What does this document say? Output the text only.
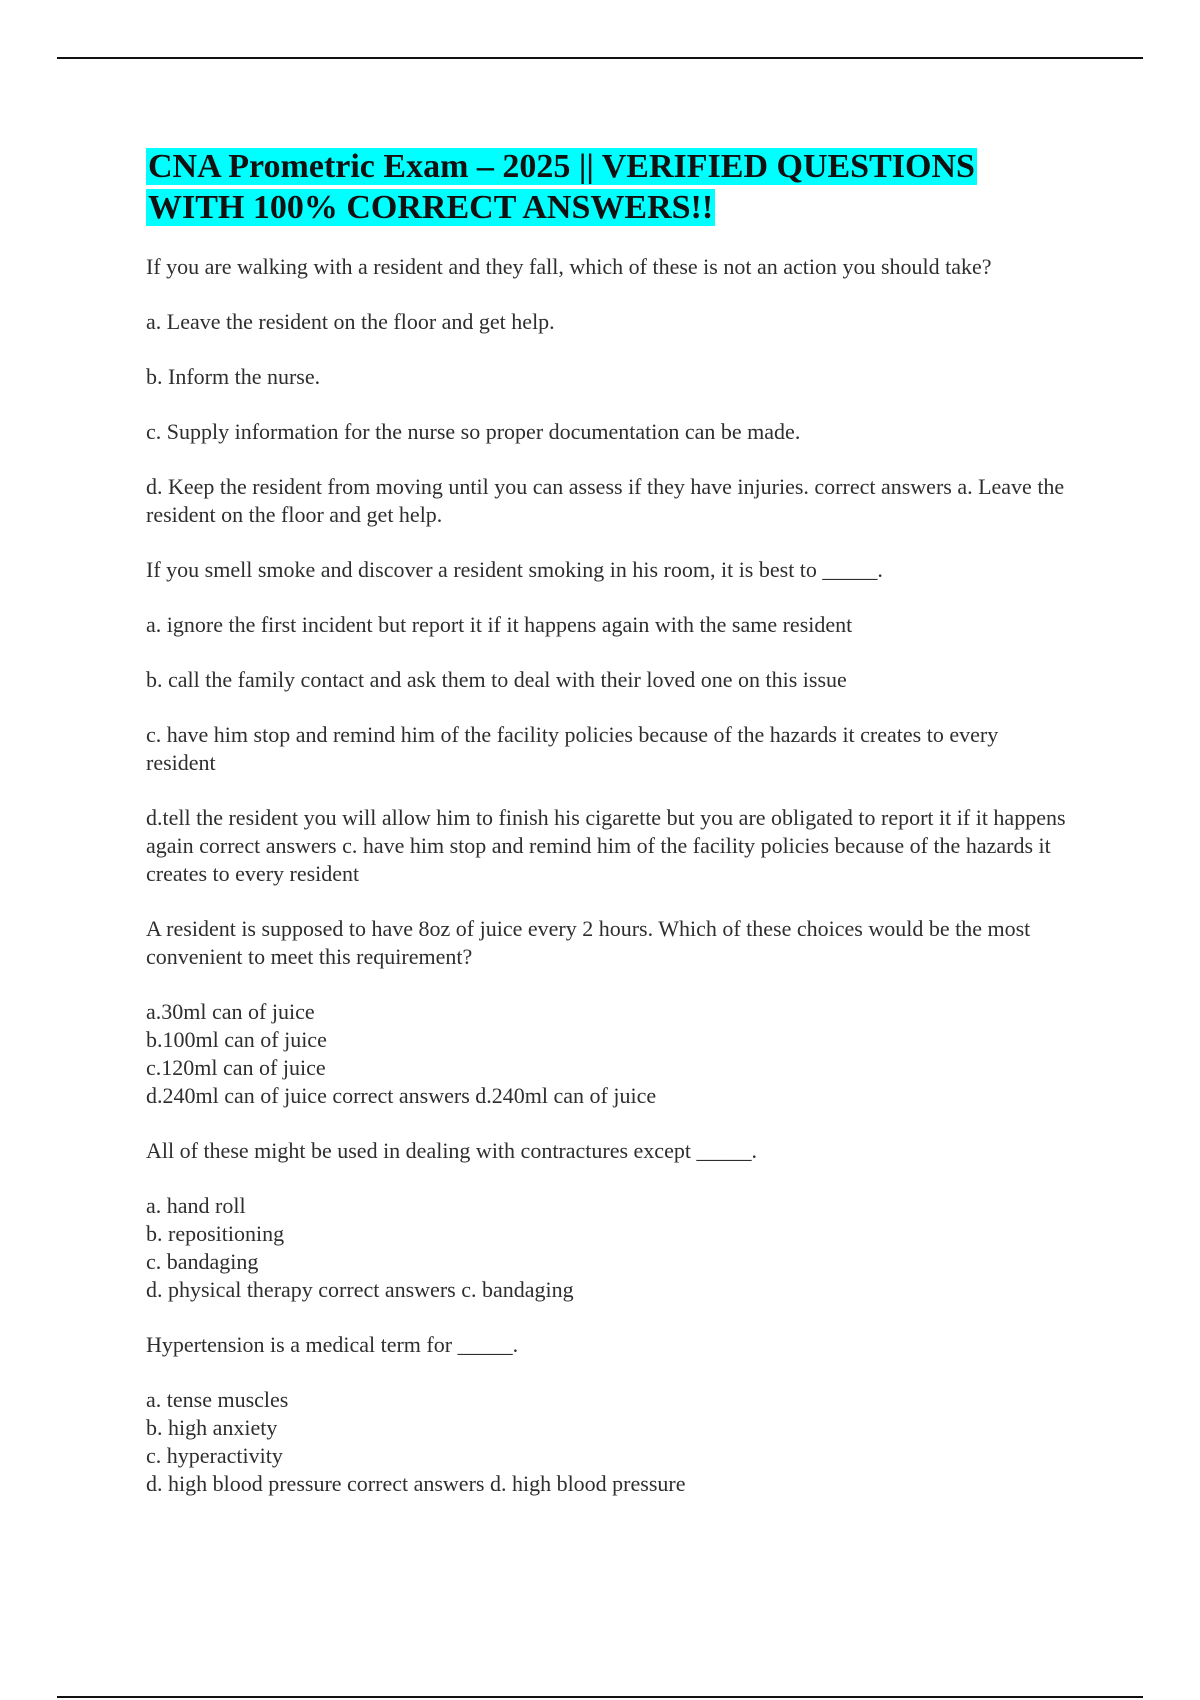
CNA Prometric Exam – 2025 || VERIFIED QUESTIONS WITH 100% CORRECT ANSWERS!!

If you are walking with a resident and they fall, which of these is not an action you should take?

a. Leave the resident on the floor and get help.

b. Inform the nurse.

c. Supply information for the nurse so proper documentation can be made.

d. Keep the resident from moving until you can assess if they have injuries. correct answers a. Leave the resident on the floor and get help.

If you smell smoke and discover a resident smoking in his room, it is best to _____.

a. ignore the first incident but report it if it happens again with the same resident

b. call the family contact and ask them to deal with their loved one on this issue

c. have him stop and remind him of the facility policies because of the hazards it creates to every resident

d.tell the resident you will allow him to finish his cigarette but you are obligated to report it if it happens again correct answers c. have him stop and remind him of the facility policies because of the hazards it creates to every resident

A resident is supposed to have 8oz of juice every 2 hours. Which of these choices would be the most convenient to meet this requirement?

a.30ml can of juice

b.100ml can of juice

c.120ml can of juice

d.240ml can of juice correct answers d.240ml can of juice

All of these might be used in dealing with contractures except _____.

a. hand roll

b. repositioning

c. bandaging

d. physical therapy correct answers c. bandaging

Hypertension is a medical term for _____.

a. tense muscles

b. high anxiety

c. hyperactivity

d. high blood pressure correct answers d. high blood pressure
